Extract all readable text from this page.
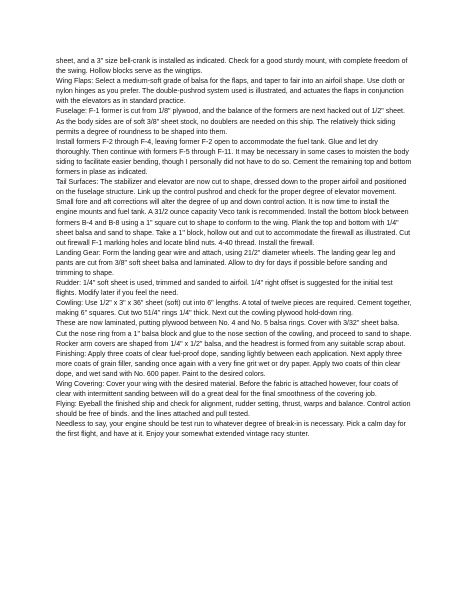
sheet, and a 3" size bell-crank is installed as indicated. Check for a good sturdy mount, with complete freedom of the swing. Hollow blocks serve as the wingtips.

Wing Flaps: Select a medium-soft grade of balsa for the flaps, and taper to fair into an airfoil shape. Use cloth or nylon hinges as you prefer. The double-pushrod system used is illustrated, and actuates the flaps in conjunction with the elevators as in standard practice.

Fuselage: F-1 former is cut from 1/8" plywood, and the balance of the formers are next hacked out of 1/2" sheet. As the body sides are of soft 3/8" sheet stock, no doublers are needed on this ship. The relatively thick siding permits a degree of roundness to be shaped into them.

Install formers F-2 through F-4, leaving former F-2 open to accommodate the fuel tank. Glue and let dry thoroughly. Then continue with formers F-5 through F-11. It may be necessary in some cases to moisten the body siding to facilitate easier bending, though I personally did not have to do so. Cement the remaining top and bottom formers in plase as indicated.

Tail Surfaces: The stabilizer and elevator are now cut to shape, dressed down to the proper airfoil and positioned on the fuselage structure. Link up the control pushrod and check for the proper degree of elevator movement. Small fore and aft corrections will alter the degree of up and down control action. It is now time to install the engine mounts and fuel tank. A 31/2 ounce capacity Veco tank is recommended. Install the bottom block between formers B-4 and B-8 using a 1" square cut to shape to conform to the wing. Plank the top and bottom with 1/4" sheet balsa and sand to shape. Take a 1" block, hollow out and cut to accommodate the firewall as illustrated. Cut out firewall F-1 marking holes and locate blind nuts. 4-40 thread. Install the firewall.

Landing Gear: Form the landing gear wire and attach, using 21/2" diameter wheels. The landing gear leg and pants are cut from 3/8" soft sheet balsa and laminated. Allow to dry for days if possible before sanding and trimming to shape.

Rudder: 1/4" soft sheet is used, trimmed and sanded to airfoil. 1/4" right offset is suggested for the initial test flights. Modify later if you feel the need.

Cowling: Use 1/2" x 3" x 36" sheet (soft) cut into 6" lengths. A total of twelve pieces are required. Cement together, making 6" squares. Cut two 51/4" rings 1/4" thick. Next cut the cowling plywood hold-down ring.

These are now laminated, putting plywood between No. 4 and No. 5 balsa rings. Cover with 3/32" sheet balsa. Cut the nose ring from a 1" balsa block and glue to the nose section of the cowling, and proceed to sand to shape. Rocker arm covers are shaped from 1/4" x 1/2" balsa, and the headrest is formed from any suitable scrap about.

Finishing: Apply three coats of clear fuel-proof dope, sanding lightly between each application. Next apply three more coats of grain filler, sanding once again with a very fine grit wet or dry paper. Apply two coats of thin clear dope, and wet sand with No. 600 paper. Paint to the desired colors.

Wing Covering: Cover your wing with the desired material. Before the fabric is attached however, four coats of clear with intermittent sanding between will do a great deal for the final smoothness of the covering job.

Flying: Eyeball the finished ship and check for alignment, rudder setting, thrust, warps and balance. Control action should be free of binds. and the lines attached and pull tested.

Needless to say, your engine should be test run to whatever degree of break-in is necessary. Pick a calm day for the first flight, and have at it. Enjoy your somewhat extended vintage racy stunter.
